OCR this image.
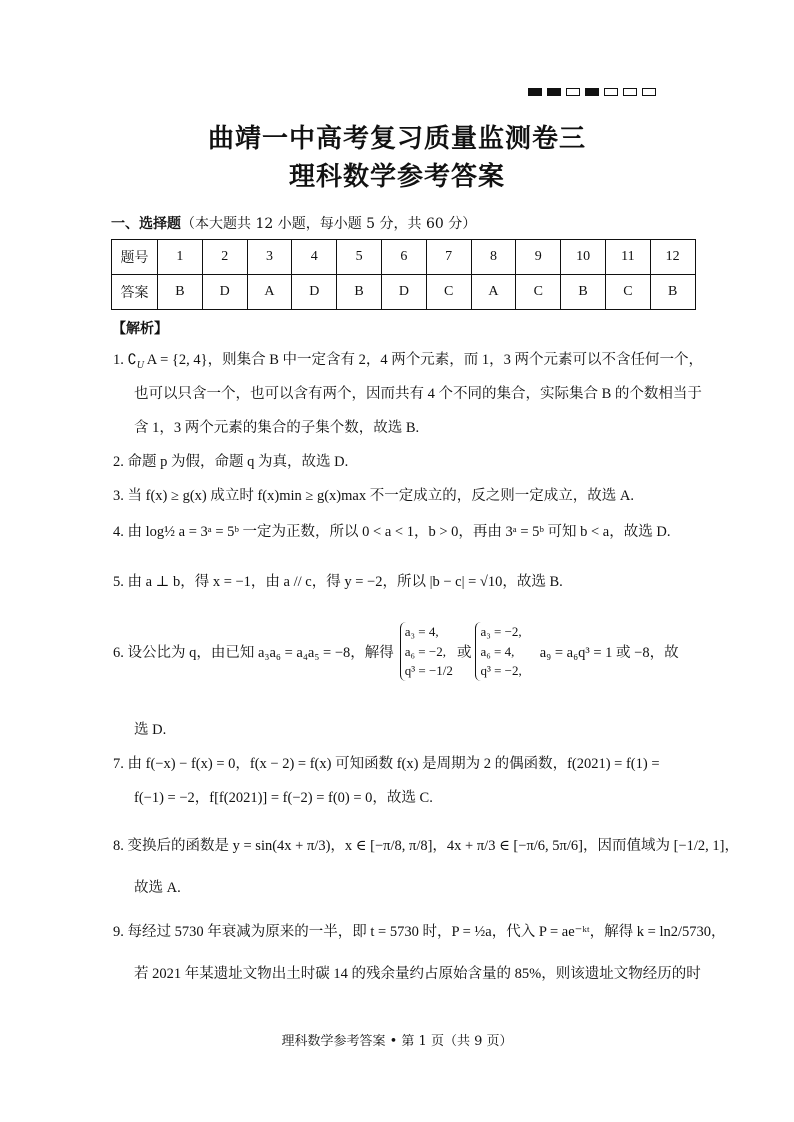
曲靖一中高考复习质量监测卷三
理科数学参考答案
一、选择题（本大题共 12 小题，每小题 5 分，共 60 分）
题号	1	2	3	4	5	6	7	8	9	10	11	12
答案	B	D	A	D	B	D	C	A	C	B	C	B
【解析】
1. $∁_U$ A = {2, 4}，则集合 B 中一定含有 2，4 两个元素，而 1，3 两个元素可以不含任何一个，
也可以只含一个，也可以含有两个，因而共有 4 个不同的集合，实际集合 B 的个数相当于
含 1，3 两个元素的集合的子集个数，故选 B.
2. 命题 p 为假，命题 q 为真，故选 D.
3. 当 f(x) ≥ g(x) 成立时 f(x)min ≥ g(x)max 不一定成立的，反之则一定成立，故选 A.
4. 由 log½ a = 3ᵃ = 5ᵇ 一定为正数，所以 0 < a < 1，b > 0，再由 3ᵃ = 5ᵇ 可知 b < a，故选 D.
5. 由 a ⊥ b，得 x = −1，由 a // c，得 y = −2，所以 |b − c| = √10，故选 B.
6. 设公比为 q，由已知 a₃a₆ = a₄a₅ = −8，解得
a₃ = 4,
a₆ = −2,
q³ = −1/2
或
a₃ = −2,
a₆ = 4,
q³ = −2,
a₉ = a₆q³ = 1 或 −8，故
选 D.
7. 由 f(−x) − f(x) = 0，f(x − 2) = f(x) 可知函数 f(x) 是周期为 2 的偶函数，f(2021) = f(1) =
f(−1) = −2，f[f(2021)] = f(−2) = f(0) = 0，故选 C.
8. 变换后的函数是 y = sin(4x + π/3)，x ∈ [−π/8, π/8]，4x + π/3 ∈ [−π/6, 5π/6]，因而值域为 [−1/2, 1]，
故选 A.
9. 每经过 5730 年衰减为原来的一半，即 t = 5730 时，P = ½a，代入 P = ae⁻ᵏᵗ，解得 k = ln2/5730，
若 2021 年某遗址文物出土时碳 14 的残余量约占原始含量的 85%，则该遗址文物经历的时
理科数学参考答案 • 第 1 页（共 9 页）
